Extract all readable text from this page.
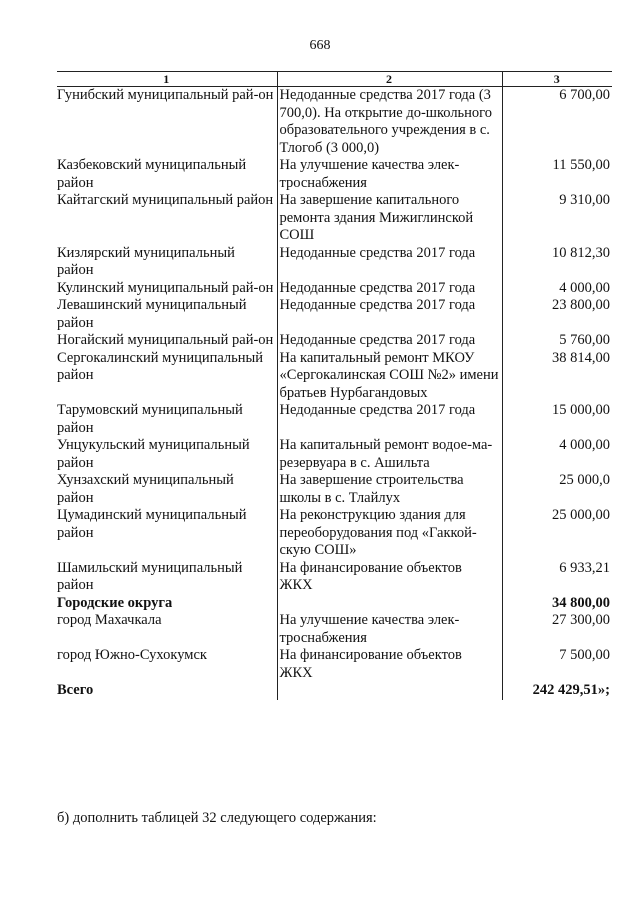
668
1	2	3
Гунибский муниципальный рай-он	Недоданные средства 2017 года (3 700,0). На открытие до-школьного образовательного учреждения в с. Тлогоб (3 000,0)	6 700,00
Казбековский муниципальный район	На улучшение качества элек-троснабжения	11 550,00
Кайтагский муниципальный район	На завершение капитального ремонта здания Мижиглинской СОШ	9 310,00
Кизлярский муниципальный район	Недоданные средства 2017 года	10 812,30
Кулинский муниципальный рай-он	Недоданные средства 2017 года	4 000,00
Левашинский муниципальный район	Недоданные средства 2017 года	23 800,00
Ногайский муниципальный рай-он	Недоданные средства 2017 года	5 760,00
Сергокалинский муниципальный район	На капитальный ремонт МКОУ «Сергокалинская СОШ №2» имени братьев Нурбагандовых	38 814,00
Тарумовский муниципальный район	Недоданные средства 2017 года	15 000,00
Унцукульский муниципальный район	На капитальный ремонт водое-ма-резервуара в с. Ашильта	4 000,00
Хунзахский муниципальный район	На завершение строительства школы в с. Тлайлух	25 000,0
Цумадинский муниципальный район	На реконструкцию здания для переоборудования под «Гаккой-скую СОШ»	25 000,00
Шамильский муниципальный район	На финансирование объектов ЖКХ	6 933,21
Городские округа		34 800,00
город Махачкала	На улучшение качества элек-троснабжения	27 300,00
город Южно-Сухокумск	На финансирование объектов ЖКХ	7 500,00
Всего		242 429,51»;
б) дополнить таблицей 32 следующего содержания:
